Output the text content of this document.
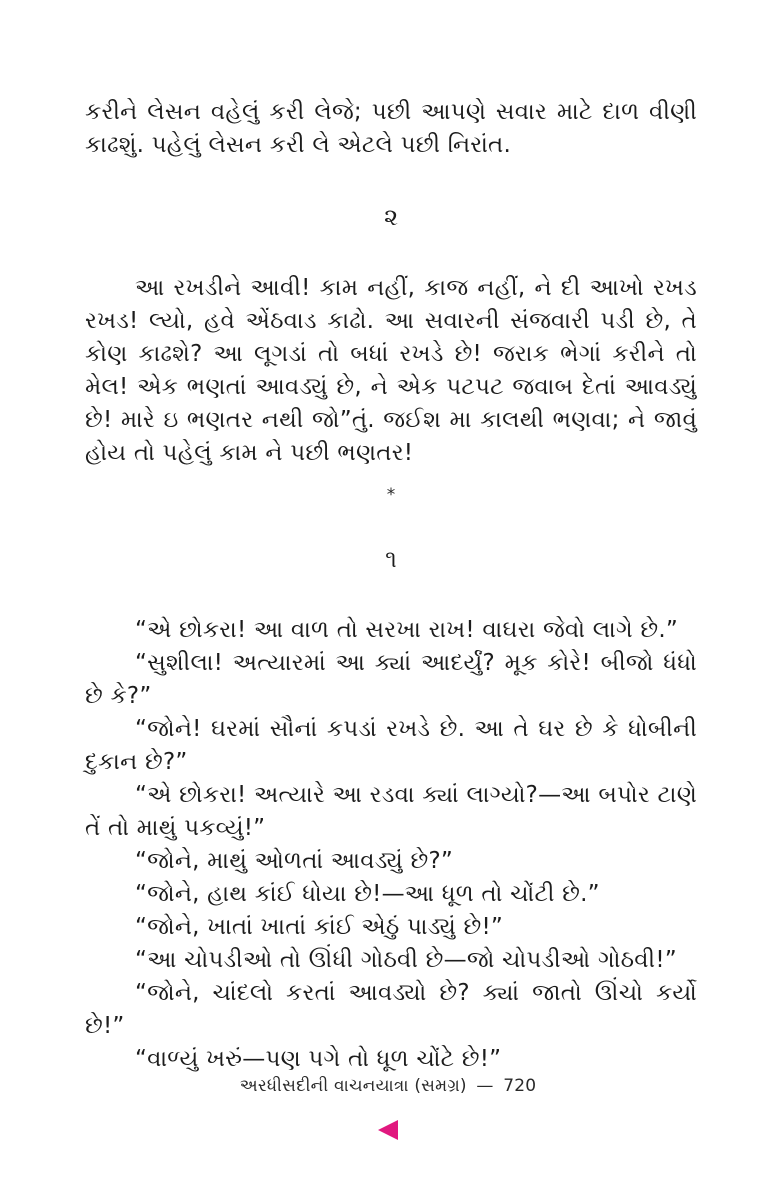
કરીને લેસન વહેલું કરી લેજે; પછી આપણે સવાર માટે દાળ વીણી કાઢશું. પહેલું લેસન કરી લે એટલે પછી નિરાંત.

૨

આ રખડીને આવી! કામ નહીં, કાજ નહીં, ને દી આખો રખડ રખડ! લ્યો, હવે એંઠવાડ કાઢો. આ સવારની સંજવારી પડી છે, તે કોણ કાઢશે? આ લૂગડાં તો બધાં રખડે છે! જરાક ભેગાં કરીને તો મેલ! એક ભણતાં આવડ્યું છે, ને એક પટપટ જવાબ દેતાં આવડ્યું છે! મારે ઇ ભણતર નથી જો”તું. જઈશ મા કાલથી ભણવા; ને જાવું હોય તો પહેલું કામ ને પછી ભણતર!

*
૧

“એ છોકરા! આ વાળ તો સરખા રાખ! વાઘરા જેવો લાગે છે.”

“સુશીલા! અત્યારમાં આ ક્યાં આદર્યું? મૂક કોરે! બીજો ધંધો છે કે?”

“જોને! ઘરમાં સૌનાં કપડાં રખડે છે. આ તે ઘર છે કે ધોબીની દુકાન છે?”

“એ છોકરા! અત્યારે આ રડવા ક્યાં લાગ્યો?—આ બપોર ટાણે તેં તો માથું પકવ્યું!”

“જોને, માથું ઓળતાં આવડ્યું છે?”

“જોને, હાથ કાંઈ ધોયા છે!—આ ધૂળ તો ચોંટી છે.”

“જોને, ખાતાં ખાતાં કાંઈ એઠું પાડ્યું છે!”

“આ ચોપડીઓ તો ઊંધી ગોઠવી છે—જો ચોપડીઓ ગોઠવી!”

“જોને, ચાંદલો કરતાં આવડ્યો છે? ક્યાં જાતો ઊંચો કર્યો છે!”

“વાળ્યું ખરું—પણ પગે તો ધૂળ ચોંટે છે!”

અરધીસદીની વાચનયાત્રા (સમગ્ર) — 720
